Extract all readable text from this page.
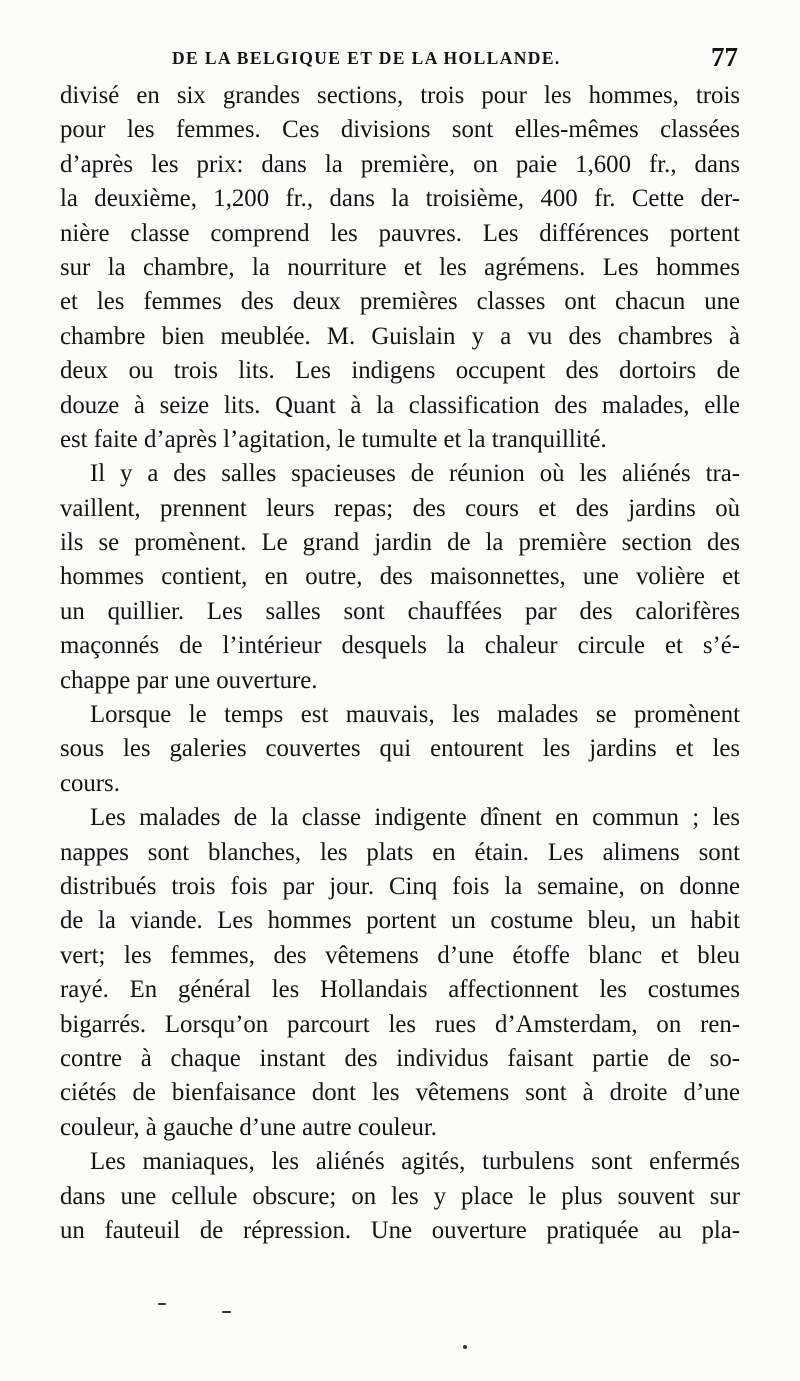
DE LA BELGIQUE ET DE LA HOLLANDE.	77
divisé en six grandes sections, trois pour les hommes, trois
pour les femmes. Ces divisions sont elles-mêmes classées
d’après les prix: dans la première, on paie 1,600 fr., dans
la deuxième, 1,200 fr., dans la troisième, 400 fr. Cette der-
nière classe comprend les pauvres. Les différences portent
sur la chambre, la nourriture et les agrémens. Les hommes
et les femmes des deux premières classes ont chacun une
chambre bien meublée. M. Guislain y a vu des chambres à
deux ou trois lits. Les indigens occupent des dortoirs de
douze à seize lits. Quant à la classification des malades, elle
est faite d’après l’agitation, le tumulte et la tranquillité.
Il y a des salles spacieuses de réunion où les aliénés tra-
vaillent, prennent leurs repas; des cours et des jardins où
ils se promènent. Le grand jardin de la première section des
hommes contient, en outre, des maisonnettes, une volière et
un quillier. Les salles sont chauffées par des calorifères
maçonnés de l’intérieur desquels la chaleur circule et s’é-
chappe par une ouverture.
Lorsque le temps est mauvais, les malades se promènent
sous les galeries couvertes qui entourent les jardins et les
cours.
Les malades de la classe indigente dînent en commun ; les
nappes sont blanches, les plats en étain. Les alimens sont
distribués trois fois par jour. Cinq fois la semaine, on donne
de la viande. Les hommes portent un costume bleu, un habit
vert; les femmes, des vêtemens d’une étoffe blanc et bleu
rayé. En général les Hollandais affectionnent les costumes
bigarrés. Lorsqu’on parcourt les rues d’Amsterdam, on ren-
contre à chaque instant des individus faisant partie de so-
ciétés de bienfaisance dont les vêtemens sont à droite d’une
couleur, à gauche d’une autre couleur.
Les maniaques, les aliénés agités, turbulens sont enfermés
dans une cellule obscure; on les y place le plus souvent sur
un fauteuil de répression. Une ouverture pratiquée au pla-
